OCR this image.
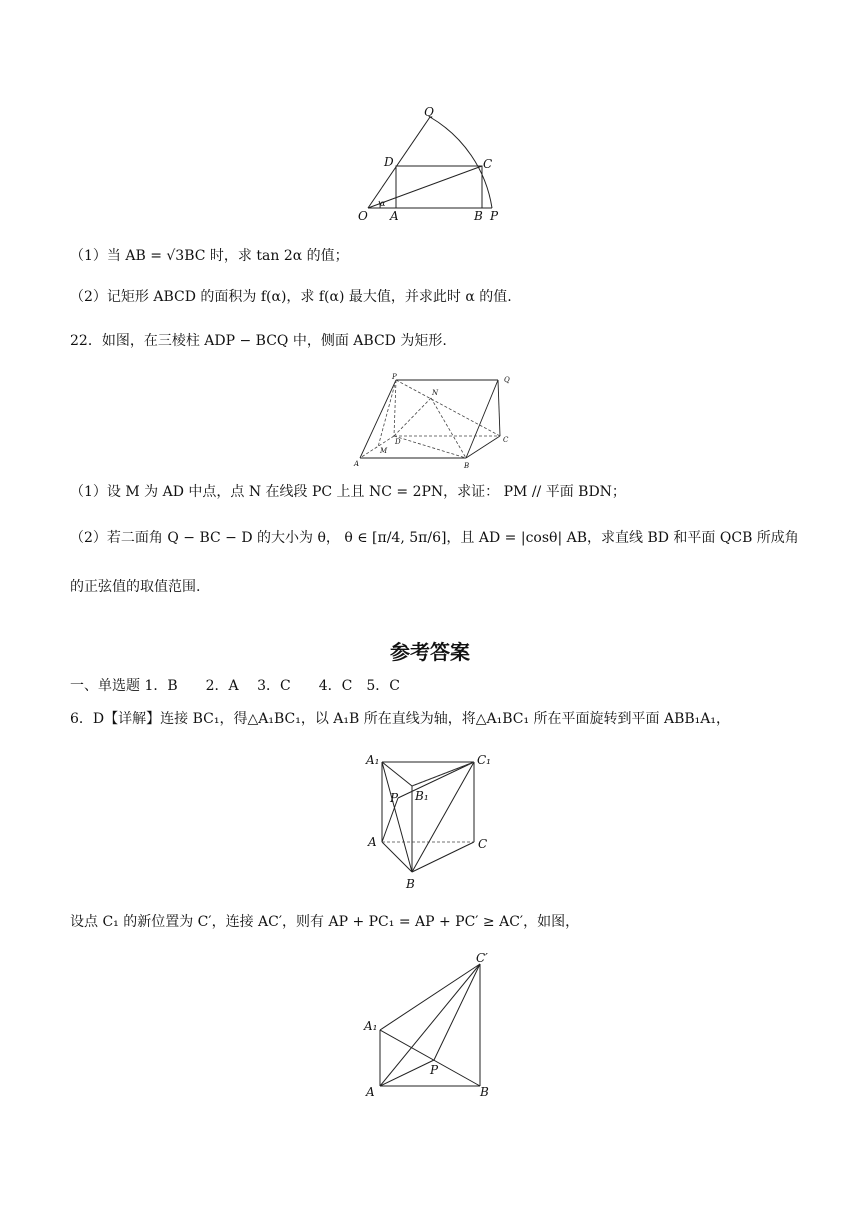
Q
D	C
O A	B P
α
（1）当 AB = √3BC 时，求 tan 2α 的值；
（2）记矩形 ABCD 的面积为 f(α)，求 f(α) 最大值，并求此时 α 的值.
22．如图，在三棱柱 ADP − BCQ 中，侧面 ABCD 为矩形.
P	Q
N
D	C
M
A	B
（1）设 M 为 AD 中点，点 N 在线段 PC 上且 NC = 2PN，求证： PM // 平面 BDN；
（2）若二面角 Q − BC − D 的大小为 θ， θ ∈ [π/4, 5π/6]，且 AD = |cosθ| AB，求直线 BD 和平面 QCB 所成角
的正弦值的取值范围.
参考答案
一、单选题 1．B　　2．A　 3．C　　4．C　5．C
6．D【详解】连接 BC₁，得△A₁BC₁，以 A₁B 所在直线为轴，将△A₁BC₁ 所在平面旋转到平面 ABB₁A₁，
A₁	C₁
P B₁
A	C
B
设点 C₁ 的新位置为 C′，连接 AC′，则有 AP + PC₁ = AP + PC′ ≥ AC′，如图，
C′
A₁
P
A	B
